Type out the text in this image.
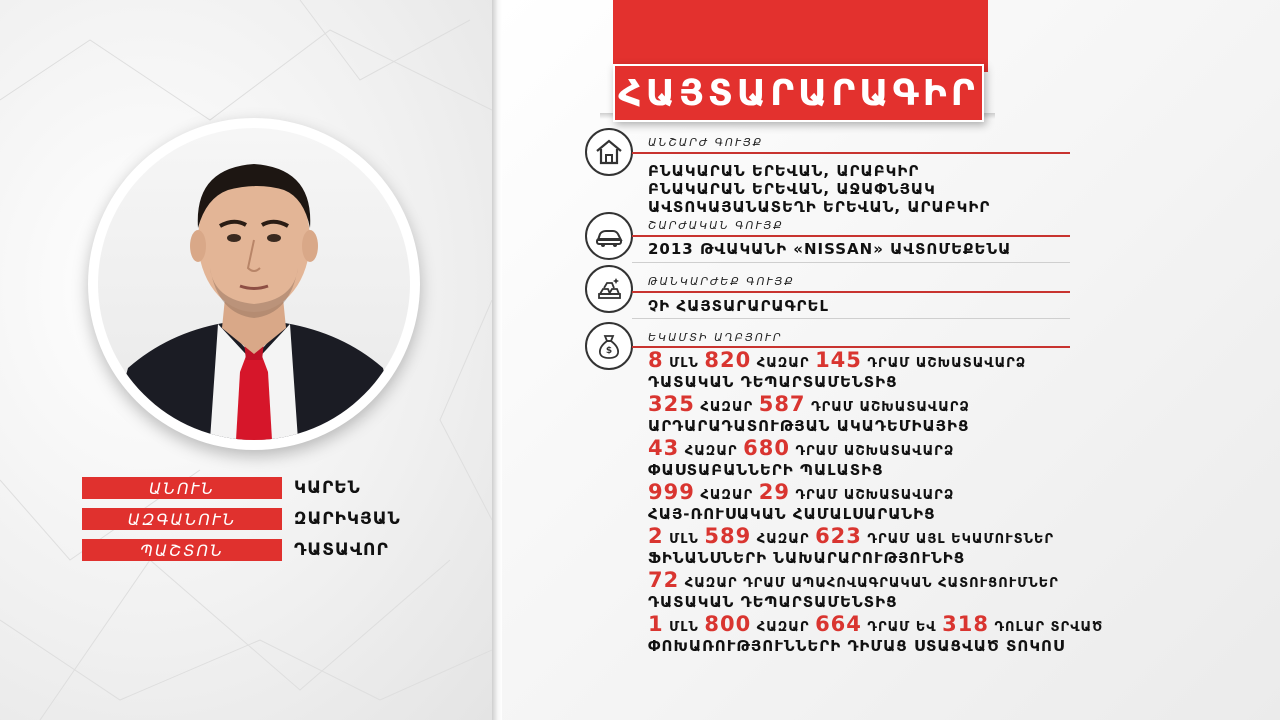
ԱՆՈՒՆ	ԿԱՐԵՆ
ԱԶԳԱՆՈՒՆ	ԶԱՐԻԿՅԱՆ
ՊԱՇՏՈՆ	ԴԱՏԱՎՈՐ
ՀԱՅՏԱՐԱՐԱԳԻՐ
ԱՆՇԱՐԺ ԳՈՒՅՔ
ԲՆԱԿԱՐԱՆ ԵՐԵՎԱՆ, ԱՐԱԲԿԻՐ
ԲՆԱԿԱՐԱՆ ԵՐԵՎԱՆ, ԱՋԱՓՆՅԱԿ
ԱՎՏՈԿԱՅԱՆԱՏԵՂԻ ԵՐԵՎԱՆ, ԱՐԱԲԿԻՐ
ՇԱՐԺԱԿԱՆ ԳՈՒՅՔ
2013 ԹՎԱԿԱՆԻ «NISSAN» ԱՎՏՈՄԵՔԵՆԱ
ԹԱՆԿԱՐԺԵՔ ԳՈՒՅՔ
ՉԻ ՀԱՅՏԱՐԱՐԱԳՐԵԼ
$
ԵԿԱՄՏԻ ԱՂԲՅՈՒՐ
8 ՄԼՆ 820 ՀԱԶԱՐ 145 ԴՐԱՄ ԱՇԽԱՏԱՎԱՐՁ
ԴԱՏԱԿԱՆ ԴԵՊԱՐՏԱՄԵՆՏԻՑ
325 ՀԱԶԱՐ 587 ԴՐԱՄ ԱՇԽԱՏԱՎԱՐՁ
ԱՐԴԱՐԱԴԱՏՈՒԹՅԱՆ ԱԿԱԴԵՄԻԱՅԻՑ
43 ՀԱԶԱՐ 680 ԴՐԱՄ ԱՇԽԱՏԱՎԱՐՁ
ՓԱՍՏԱԲԱՆՆԵՐԻ ՊԱԼԱՏԻՑ
999 ՀԱԶԱՐ 29 ԴՐԱՄ ԱՇԽԱՏԱՎԱՐՁ
ՀԱՅ-ՌՈՒՍԱԿԱՆ ՀԱՄԱԼՍԱՐԱՆԻՑ
2 ՄԼՆ 589 ՀԱԶԱՐ 623 ԴՐԱՄ ԱՅԼ ԵԿԱՄՈՒՏՆԵՐ
ՖԻՆԱՆՍՆԵՐԻ ՆԱԽԱՐԱՐՈՒԹՅՈՒՆԻՑ
72 ՀԱԶԱՐ ԴՐԱՄ ԱՊԱՀՈՎԱԳՐԱԿԱՆ ՀԱՏՈՒՑՈՒՄՆԵՐ
ԴԱՏԱԿԱՆ ԴԵՊԱՐՏԱՄԵՆՏԻՑ
1 ՄԼՆ 800 ՀԱԶԱՐ 664 ԴՐԱՄ ԵՎ 318 ԴՈԼԱՐ ՏՐՎԱԾ
ՓՈԽԱՌՈՒԹՅՈՒՆՆԵՐԻ ԴԻՄԱՑ ՍՏԱՑՎԱԾ ՏՈԿՈՍ
